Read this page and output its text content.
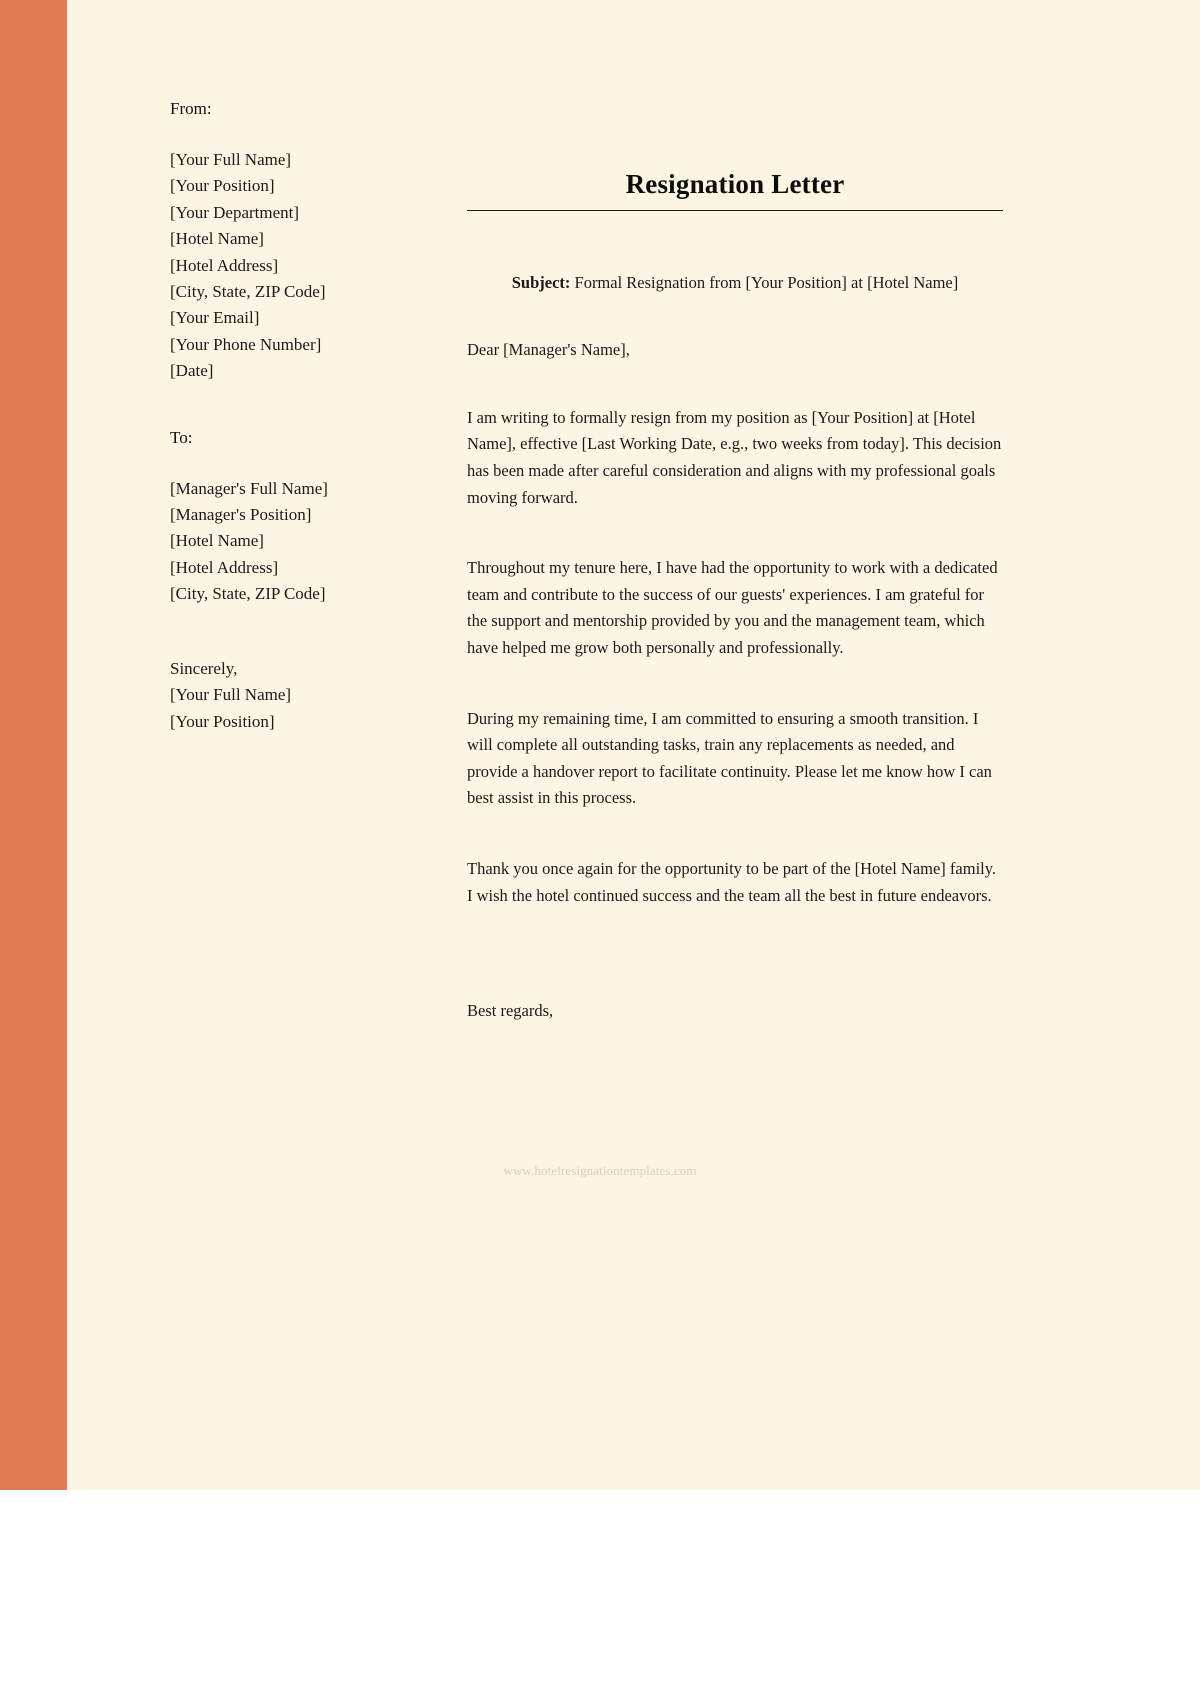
From:
[Your Full Name]
[Your Position]
[Your Department]
[Hotel Name]
[Hotel Address]
[City, State, ZIP Code]
[Your Email]
[Your Phone Number]
[Date]
To:
[Manager's Full Name]
[Manager's Position]
[Hotel Name]
[Hotel Address]
[City, State, ZIP Code]
Sincerely,
[Your Full Name]
[Your Position]
Resignation Letter
Subject: Formal Resignation from [Your Position] at [Hotel Name]
Dear [Manager's Name],

I am writing to formally resign from my position as [Your Position] at [Hotel Name], effective [Last Working Date, e.g., two weeks from today]. This decision has been made after careful consideration and aligns with my professional goals moving forward.

Throughout my tenure here, I have had the opportunity to work with a dedicated team and contribute to the success of our guests' experiences. I am grateful for the support and mentorship provided by you and the management team, which have helped me grow both personally and professionally.

During my remaining time, I am committed to ensuring a smooth transition. I will complete all outstanding tasks, train any replacements as needed, and provide a handover report to facilitate continuity. Please let me know how I can best assist in this process.

Thank you once again for the opportunity to be part of the [Hotel Name] family. I wish the hotel continued success and the team all the best in future endeavors.

Best regards,
www.hotelresignationtemplates.com
